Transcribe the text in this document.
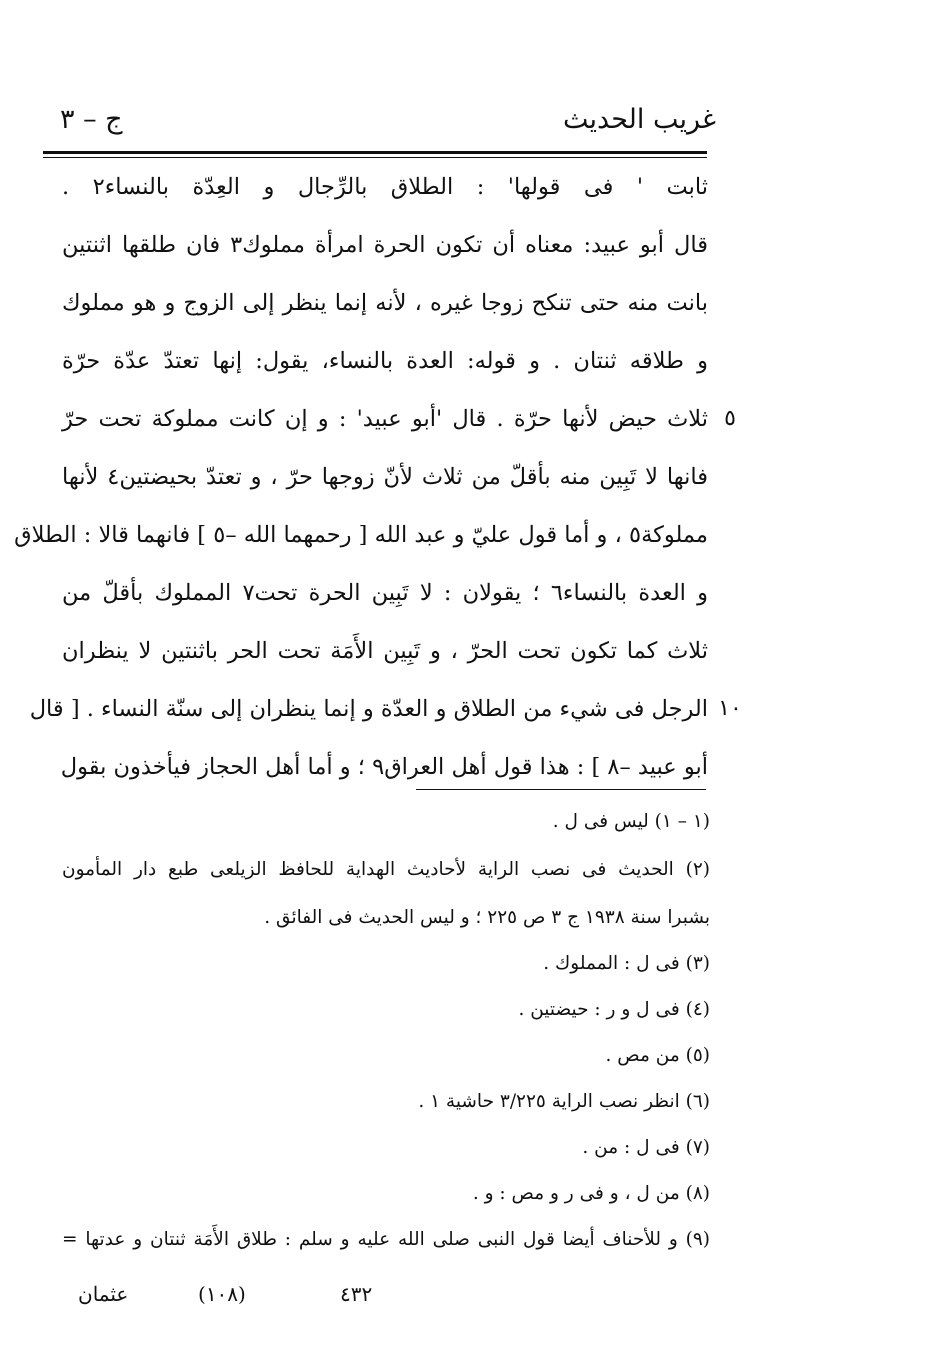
غريب الحديث
ج – ٣
ثابت ' فى قولها' : الطلاق بالرِّجال و العِدّة بالنساء٢ .
قال أبو عبيد: معناه أن تكون الحرة امرأة مملوك٣ فان طلقها اثنتين
بانت منه حتى تنكح زوجا غيره ، لأنه إنما ينظر إلى الزوج و هو مملوك
و طلاقه ثنتان . و قوله: العدة بالنساء، يقول: إنها تعتدّ عدّة حرّة
ثلاث حيض لأنها حرّة . قال 'أبو عبيد' : و إن كانت مملوكة تحت حرّ
فانها لا تَبِين منه بأقلّ من ثلاث لأنّ زوجها حرّ ، و تعتدّ بحيضتين٤ لأنها
مملوكة٥ ، و أما قول عليّ و عبد الله [ رحمهما الله –٥ ] فانهما قالا : الطلاق
و العدة بالنساء٦ ؛ يقولان : لا تَبِين الحرة تحت٧ المملوك بأقلّ من
ثلاث كما تكون تحت الحرّ ، و تَبِين الأَمَة تحت الحر باثنتين لا ينظران
الرجل فى شيء من الطلاق و العدّة و إنما ينظران إلى سنّة النساء . [ قال
أبو عبيد –٨ ] : هذا قول أهل العراق٩ ؛ و أما أهل الحجاز فيأخذون بقول
٥
١٠
(١ – ١) ليس فى ل .
(٢) الحديث فى نصب الراية لأحاديث الهداية للحافظ الزيلعى طبع دار المأمون
بشبرا سنة ١٩٣٨ ج ٣ ص ٢٢٥ ؛ و ليس الحديث فى الفائق .
(٣) فى ل : المملوك .
(٤) فى ل و ر : حيضتين .
(٥) من مص .
(٦) انظر نصب الراية ٣/٢٢٥ حاشية ١ .
(٧) فى ل : من .
(٨) من ل ، و فى ر و مص : و .
(٩) و للأحناف أيضا قول النبى صلى الله عليه و سلم : طلاق الأَمَة ثنتان و عدتها =
٤٣٢
(١٠٨)
عثمان
